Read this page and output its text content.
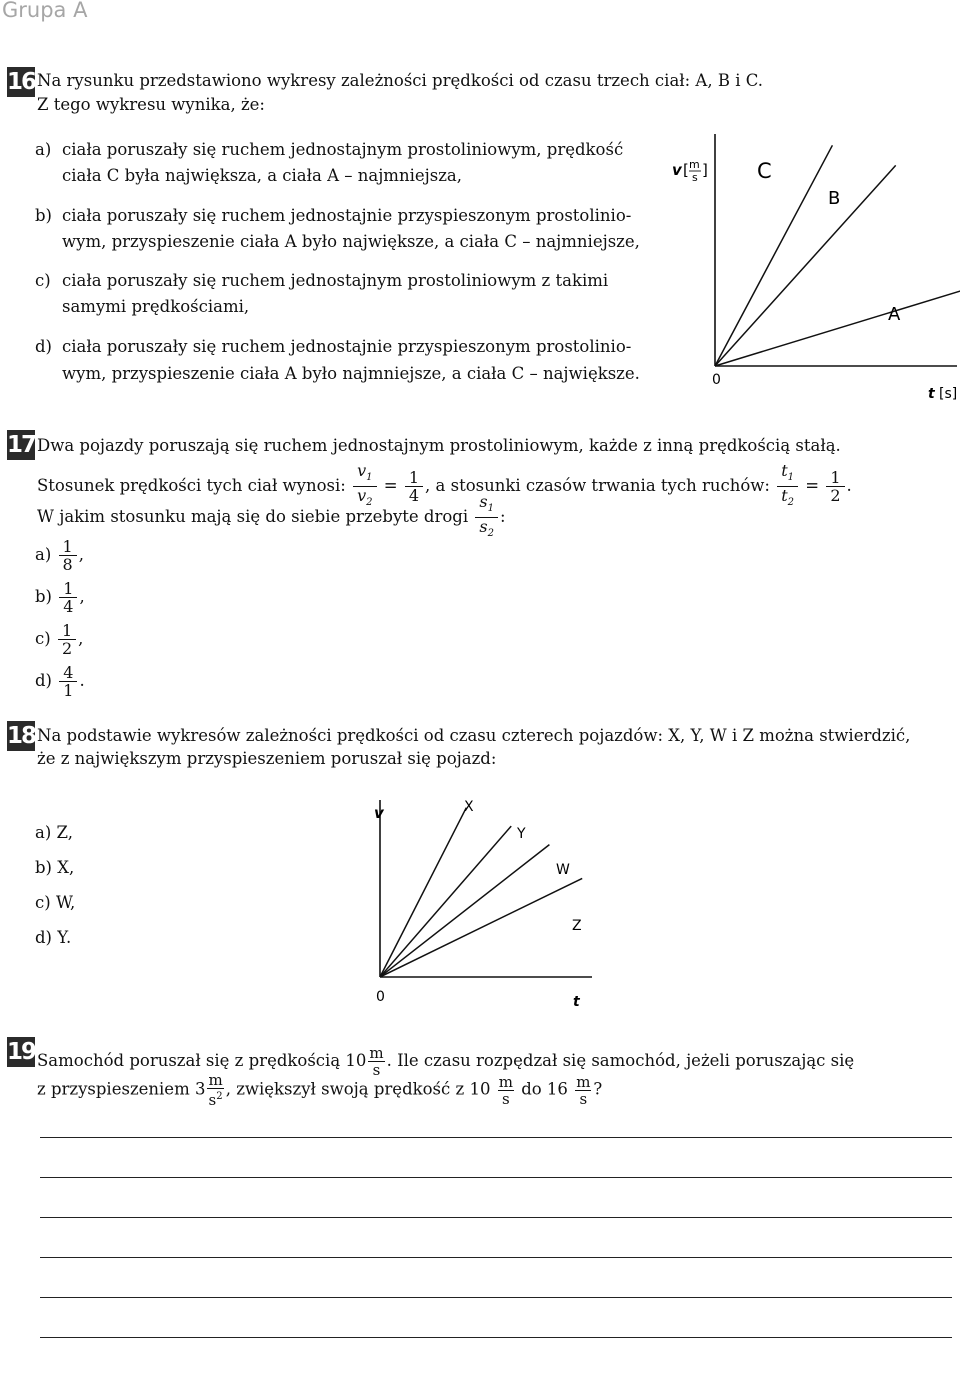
Grupa A
16 Na rysunku przedstawiono wykresy zależności prędkości od czasu trzech ciał: A, B i C.
Z tego wykresu wynika, że:
a) ciała poruszały się ruchem jednostajnym prostoliniowym, prędkość
ciała C była największa, a ciała A – najmniejsza,
b) ciała poruszały się ruchem jednostajnie przyspieszonym prostolinio-
wym, przyspieszenie ciała A było największe, a ciała C – najmniejsze,
c) ciała poruszały się ruchem jednostajnym prostoliniowym z takimi
samymi prędkościami,
d) ciała poruszały się ruchem jednostajnie przyspieszonym prostolinio-
wym, przyspieszenie ciała A było najmniejsze, a ciała C – największe.
C
B
A
v [ m
s ]
0
t [s]
17 Dwa pojazdy poruszają się ruchem jednostajnym prostoliniowym, każde z inną prędkością stałą.
Stosunek prędkości tych ciał wynosi: $\frac{v_1}{v_2} = \frac{1}{4}$ , a stosunki czasów trwania tych ruchów: $\frac{t_1}{t_2} = \frac{1}{2}$ .
W jakim stosunku mają się do siebie przebyte drogi $\frac{s_1}{s_2}$ :
$a) \frac{1}{8}$ ,
$b) \frac{1}{4}$ ,
$c) \frac{1}{2}$ ,
$d) \frac{4}{1}$ .
18 Na podstawie wykresów zależności prędkości od czasu czterech pojazdów: X, Y, W i Z można stwierdzić,
że z największym przyspieszeniem poruszał się pojazd:
a) Z,
b) X,
c) W,
d) Y.
X
Y
W
Z
v
0	t
19 Samochód poruszał się z prędkością $10 \frac{m}{s}$ . Ile czasu rozpędzał się samochód, jeżeli poruszając się
z przyspieszeniem $3 \frac{m}{s^2}$ , zwiększył swoją prędkość z $10 \frac{m}{s}$ do $16 \frac{m}{s}$ ?
